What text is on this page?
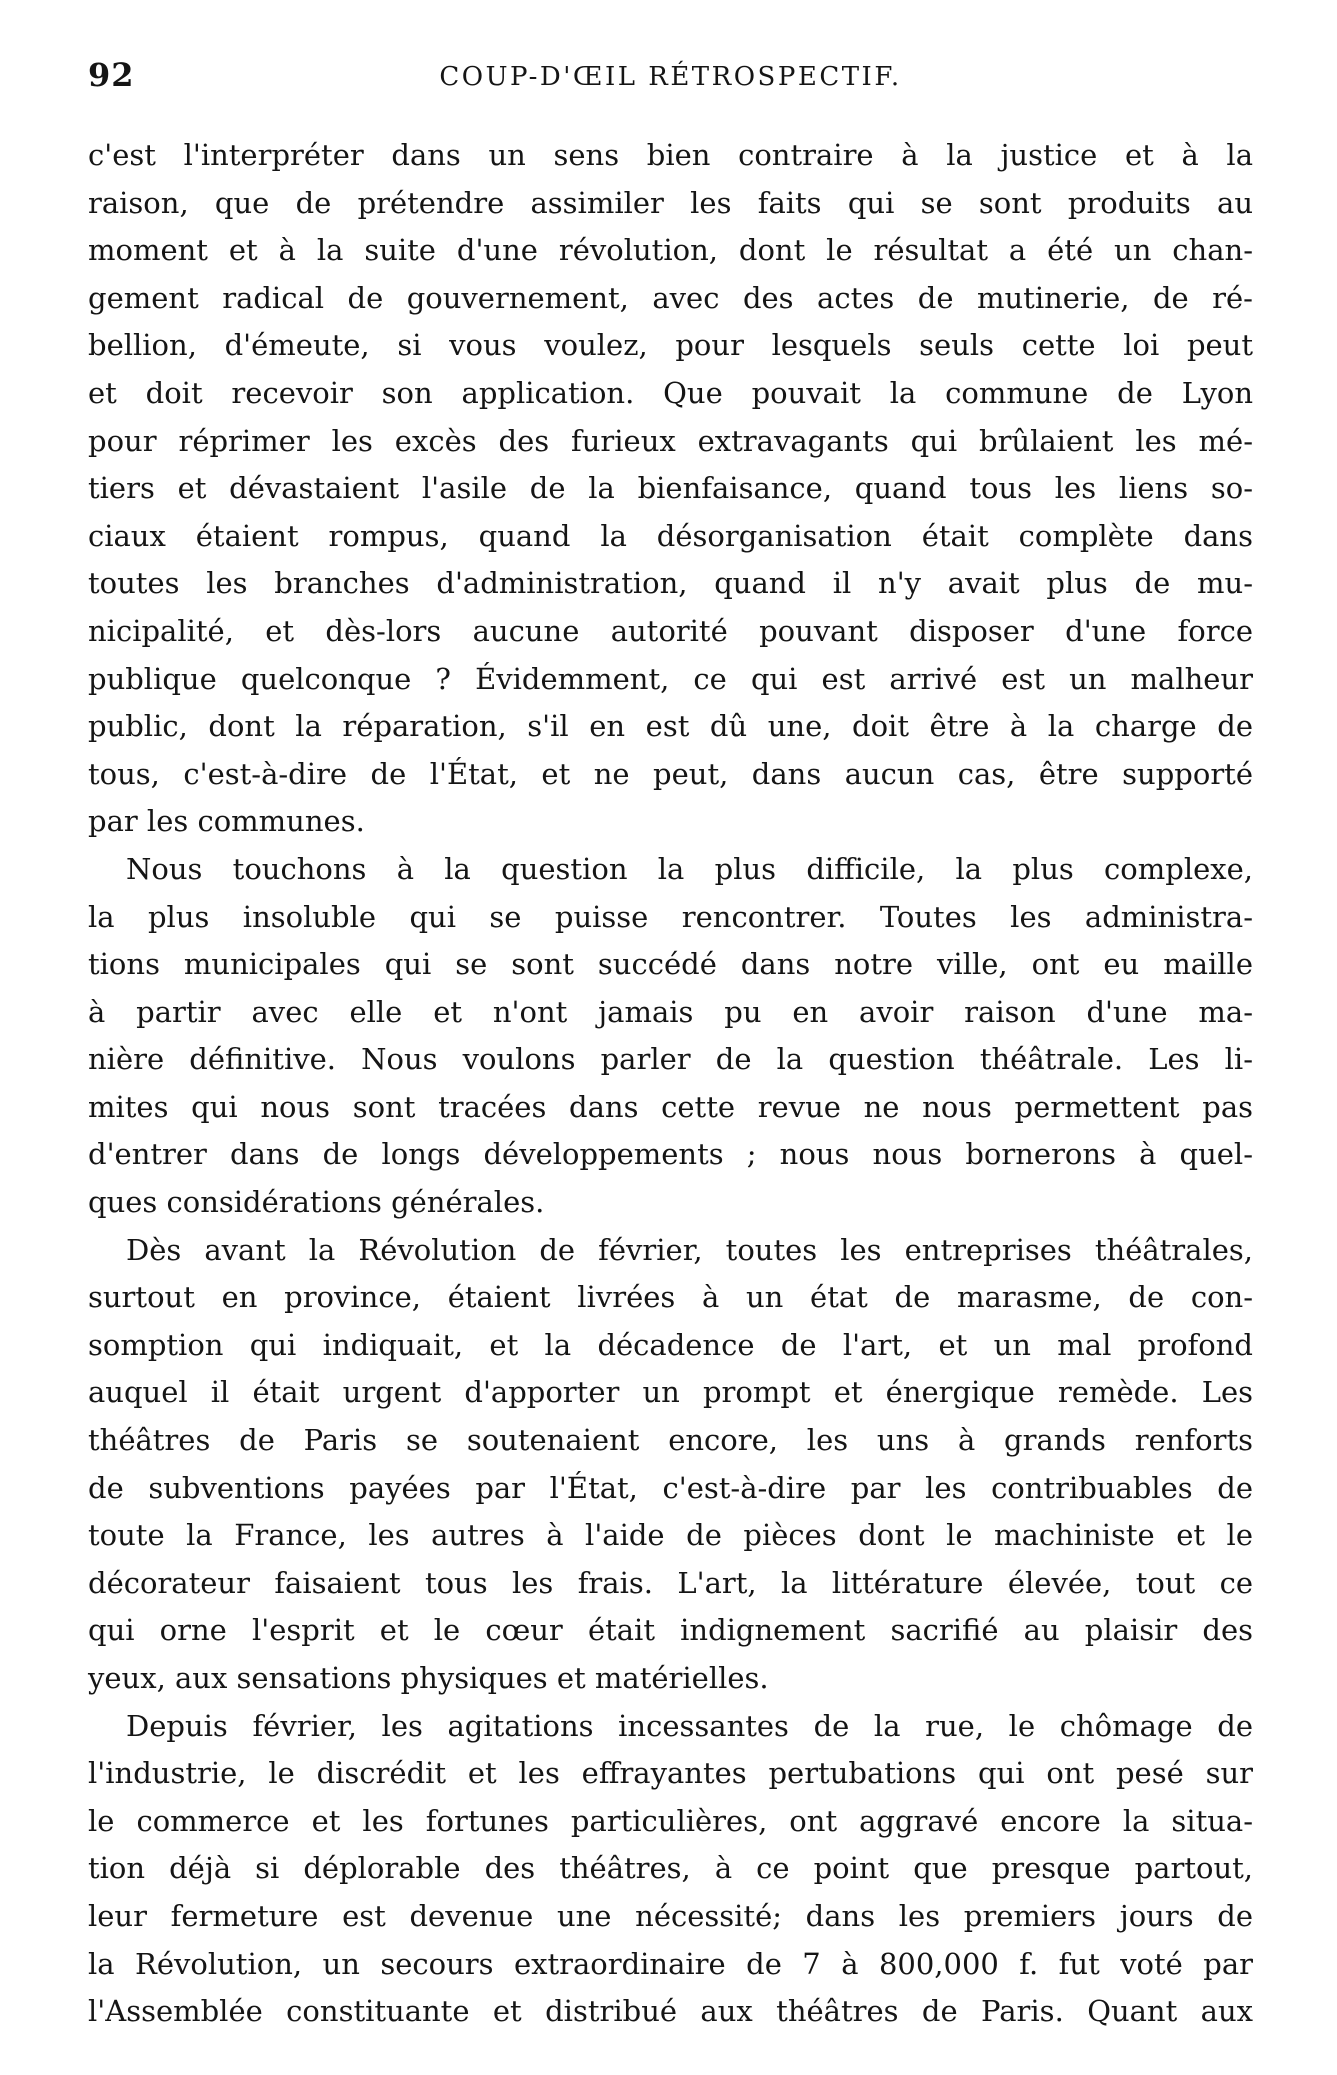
92	COUP-D'ŒIL RÉTROSPECTIF.
c'est l'interpréter dans un sens bien contraire à la justice et à la
raison, que de prétendre assimiler les faits qui se sont produits au
moment et à la suite d'une révolution, dont le résultat a été un chan-
gement radical de gouvernement, avec des actes de mutinerie, de ré-
bellion, d'émeute, si vous voulez, pour lesquels seuls cette loi peut
et doit recevoir son application. Que pouvait la commune de Lyon
pour réprimer les excès des furieux extravagants qui brûlaient les mé-
tiers et dévastaient l'asile de la bienfaisance, quand tous les liens so-
ciaux étaient rompus, quand la désorganisation était complète dans
toutes les branches d'administration, quand il n'y avait plus de mu-
nicipalité, et dès-lors aucune autorité pouvant disposer d'une force
publique quelconque ? Évidemment, ce qui est arrivé est un malheur
public, dont la réparation, s'il en est dû une, doit être à la charge de
tous, c'est-à-dire de l'État, et ne peut, dans aucun cas, être supporté
par les communes.
Nous touchons à la question la plus difficile, la plus complexe,
la plus insoluble qui se puisse rencontrer. Toutes les administra-
tions municipales qui se sont succédé dans notre ville, ont eu maille
à partir avec elle et n'ont jamais pu en avoir raison d'une ma-
nière définitive. Nous voulons parler de la question théâtrale. Les li-
mites qui nous sont tracées dans cette revue ne nous permettent pas
d'entrer dans de longs développements ; nous nous bornerons à quel-
ques considérations générales.
Dès avant la Révolution de février, toutes les entreprises théâtrales,
surtout en province, étaient livrées à un état de marasme, de con-
somption qui indiquait, et la décadence de l'art, et un mal profond
auquel il était urgent d'apporter un prompt et énergique remède. Les
théâtres de Paris se soutenaient encore, les uns à grands renforts
de subventions payées par l'État, c'est-à-dire par les contribuables de
toute la France, les autres à l'aide de pièces dont le machiniste et le
décorateur faisaient tous les frais. L'art, la littérature élevée, tout ce
qui orne l'esprit et le cœur était indignement sacrifié au plaisir des
yeux, aux sensations physiques et matérielles.
Depuis février, les agitations incessantes de la rue, le chômage de
l'industrie, le discrédit et les effrayantes pertubations qui ont pesé sur
le commerce et les fortunes particulières, ont aggravé encore la situa-
tion déjà si déplorable des théâtres, à ce point que presque partout,
leur fermeture est devenue une nécessité; dans les premiers jours de
la Révolution, un secours extraordinaire de 7 à 800,000 f. fut voté par
l'Assemblée constituante et distribué aux théâtres de Paris. Quant aux
